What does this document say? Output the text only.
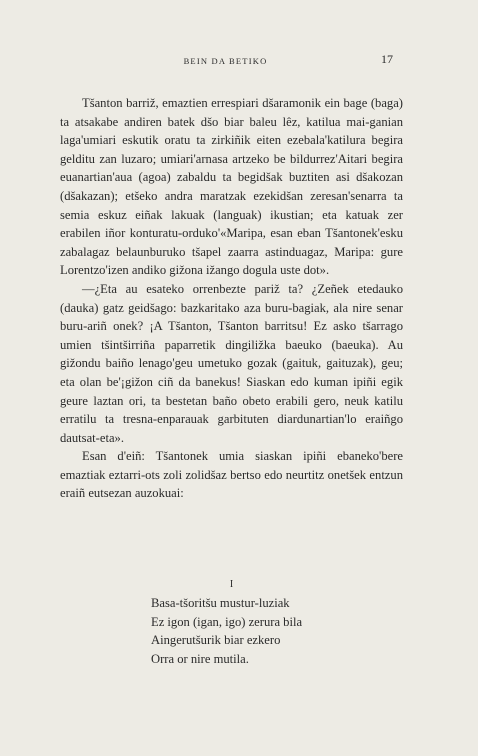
BEIN DA BETIKO	17

Tšanton barriž, emaztien errespiari dšaramonik ein bage (baga) ta atsakabe andiren batek dšo biar baleu lêz, katilua mai-ganian laga'umiari eskutik oratu ta zirkiñik eiten ezebala'katilura begira gelditu zan luzaro; umiari'arnasa artzeko be bildurrez'Aitari begira euanartian'aua (agoa) zabaldu ta begidšak buztiten asi dšakozan (dšakazan); etšeko andra maratzak ezekidšan zeresan'senarra ta semia eskuz eiñak lakuak (languak) ikustian; eta katuak zer erabilen iñor konturatu-orduko'«Maripa, esan eban Tšantonek'esku zabalagaz belaunburuko tšapel zaarra astinduagaz, Maripa: gure Lorentzo'izen andiko gižona ižango dogula uste dot».

—¿Eta au esateko orrenbezte pariž ta? ¿Zeñek etedauko (dauka) gatz geidšago: bazkaritako aza buru-bagiak, ala nire senar buru-ariñ onek? ¡A Tšanton, Tšanton barritsu! Ez asko tšarrago umien tšintširriña paparretik dingiližka baeuko (baeuka). Au gižondu baiño lenago'geu umetuko gozak (gaituk, gaituzak), geu; eta olan be'¡gižon ciñ da banekus! Siaskan edo kuman ipiñi egik geure laztan ori, ta bestetan baño obeto erabili gero, neuk katilu erratilu ta tresna-enparauak garbituten diardunartian'lo eraiñgo dautsat-eta».

Esan d'eiñ: Tšantonek umia siaskan ipiñi ebaneko'bere emaztiak eztarri-ots zoli zolidšaz bertso edo neurtitz onetšek entzun eraiñ eutsezan auzokuai:

I
Basa-tšoritšu mustur-luziak
Ez igon (igan, igo) zerura bila
Aingerutšurik biar ezkero
Orra or nire mutila.
